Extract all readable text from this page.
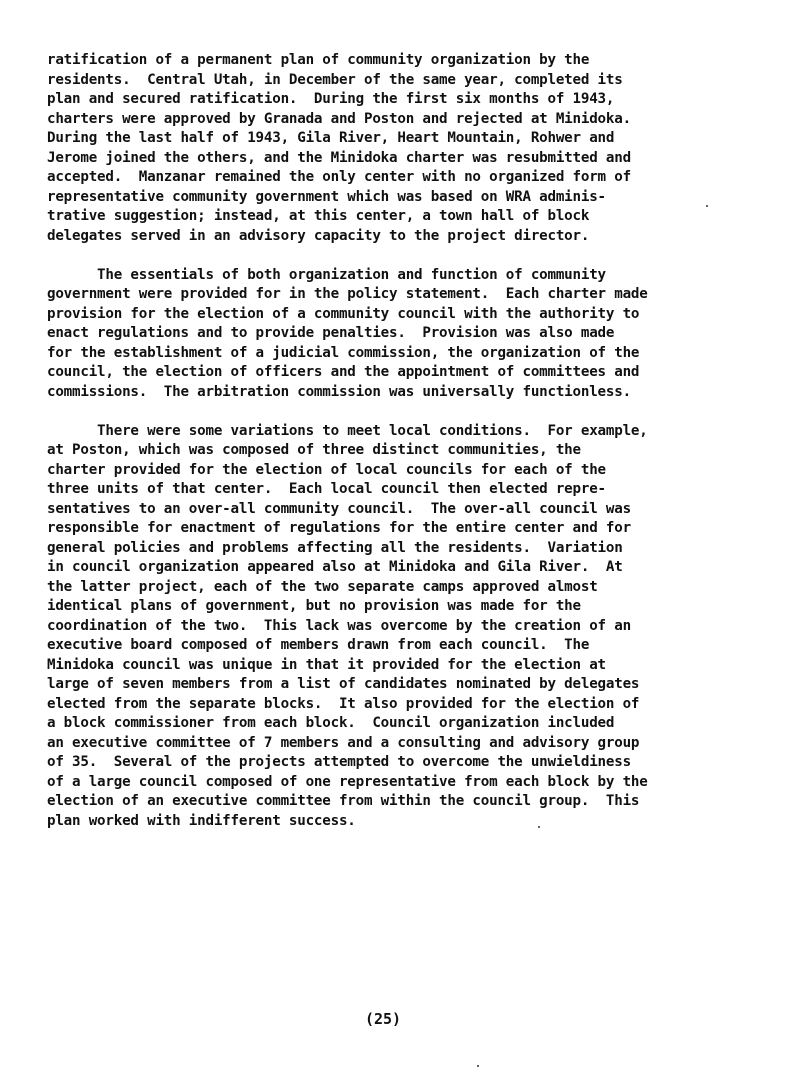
ratification of a permanent plan of community organization by the
residents.  Central Utah, in December of the same year, completed its
plan and secured ratification.  During the first six months of 1943,
charters were approved by Granada and Poston and rejected at Minidoka.
During the last half of 1943, Gila River, Heart Mountain, Rohwer and
Jerome joined the others, and the Minidoka charter was resubmitted and
accepted.  Manzanar remained the only center with no organized form of
representative community government which was based on WRA adminis-
trative suggestion; instead, at this center, a town hall of block
delegates served in an advisory capacity to the project director.
The essentials of both organization and function of community
government were provided for in the policy statement.  Each charter made
provision for the election of a community council with the authority to
enact regulations and to provide penalties.  Provision was also made
for the establishment of a judicial commission, the organization of the
council, the election of officers and the appointment of committees and
commissions.  The arbitration commission was universally functionless.
There were some variations to meet local conditions.  For example,
at Poston, which was composed of three distinct communities, the
charter provided for the election of local councils for each of the
three units of that center.  Each local council then elected repre-
sentatives to an over-all community council.  The over-all council was
responsible for enactment of regulations for the entire center and for
general policies and problems affecting all the residents.  Variation
in council organization appeared also at Minidoka and Gila River.  At
the latter project, each of the two separate camps approved almost
identical plans of government, but no provision was made for the
coordination of the two.  This lack was overcome by the creation of an
executive board composed of members drawn from each council.  The
Minidoka council was unique in that it provided for the election at
large of seven members from a list of candidates nominated by delegates
elected from the separate blocks.  It also provided for the election of
a block commissioner from each block.  Council organization included
an executive committee of 7 members and a consulting and advisory group
of 35.  Several of the projects attempted to overcome the unwieldiness
of a large council composed of one representative from each block by the
election of an executive committee from within the council group.  This
plan worked with indifferent success.
(25)
